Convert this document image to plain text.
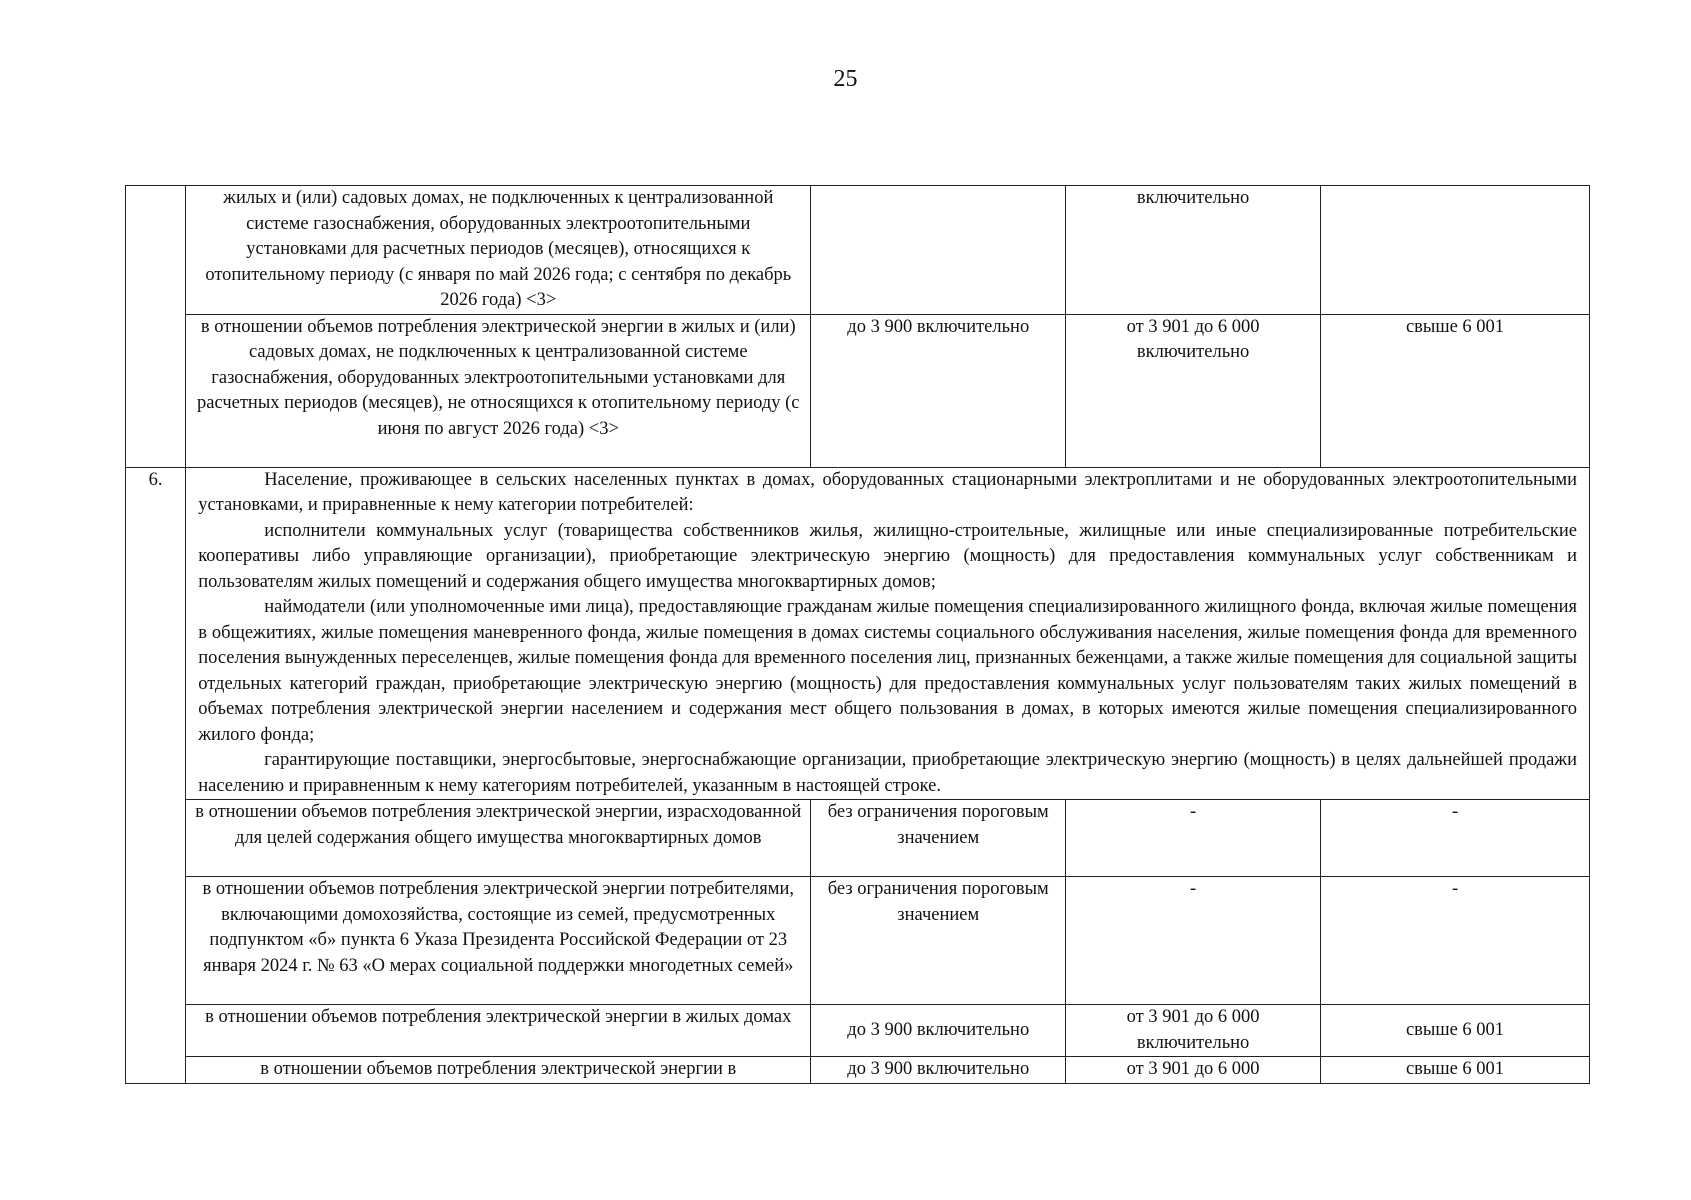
25
	жилых и (или) садовых домах, не подключенных к централизованной системе газоснабжения, оборудованных электроотопительными установками для расчетных периодов (месяцев), относящихся к отопительному периоду (с января по май 2026 года; с сентября по декабрь 2026 года) <3>		включительно	
	в отношении объемов потребления электрической энергии в жилых и (или) садовых домах, не подключенных к централизованной системе газоснабжения, оборудованных электроотопительными установками для расчетных периодов (месяцев), не относящихся к отопительному периоду (с июня по август 2026 года) <3>	до 3 900 включительно	от 3 901 до 6 000 включительно	свыше 6 001
6.	Население, проживающее в сельских населенных пунктах в домах, оборудованных стационарными электроплитами и не оборудованных электроотопительными установками, и приравненные к нему категории потребителей:

исполнители коммунальных услуг (товарищества собственников жилья, жилищно-строительные, жилищные или иные специализированные потребительские кооперативы либо управляющие организации), приобретающие электрическую энергию (мощность) для предоставления коммунальных услуг собственникам и пользователям жилых помещений и содержания общего имущества многоквартирных домов;

наймодатели (или уполномоченные ими лица), предоставляющие гражданам жилые помещения специализированного жилищного фонда, включая жилые помещения в общежитиях, жилые помещения маневренного фонда, жилые помещения в домах системы социального обслуживания населения, жилые помещения фонда для временного поселения вынужденных переселенцев, жилые помещения фонда для временного поселения лиц, признанных беженцами, а также жилые помещения для социальной защиты отдельных категорий граждан, приобретающие электрическую энергию (мощность) для предоставления коммунальных услуг пользователям таких жилых помещений в объемах потребления электрической энергии населением и содержания мест общего пользования в домах, в которых имеются жилые помещения специализированного жилого фонда;

гарантирующие поставщики, энергосбытовые, энергоснабжающие организации, приобретающие электрическую энергию (мощность) в целях дальнейшей продажи населению и приравненным к нему категориям потребителей, указанным в настоящей строке.			

	в отношении объемов потребления электрической энергии, израсходованной для целей содержания общего имущества многоквартирных домов	без ограничения пороговым значением	-	-
	в отношении объемов потребления электрической энергии потребителями, включающими домохозяйства, состоящие из семей, предусмотренных подпунктом «б» пункта 6 Указа Президента Российской Федерации от 23 января 2024 г. № 63 «О мерах социальной поддержки многодетных семей»	без ограничения пороговым значением	-	-
	в отношении объемов потребления электрической энергии в жилых домах	до 3 900 включительно	от 3 901 до 6 000 включительно	свыше 6 001
	в отношении объемов потребления электрической энергии в	до 3 900 включительно	от 3 901 до 6 000	свыше 6 001
